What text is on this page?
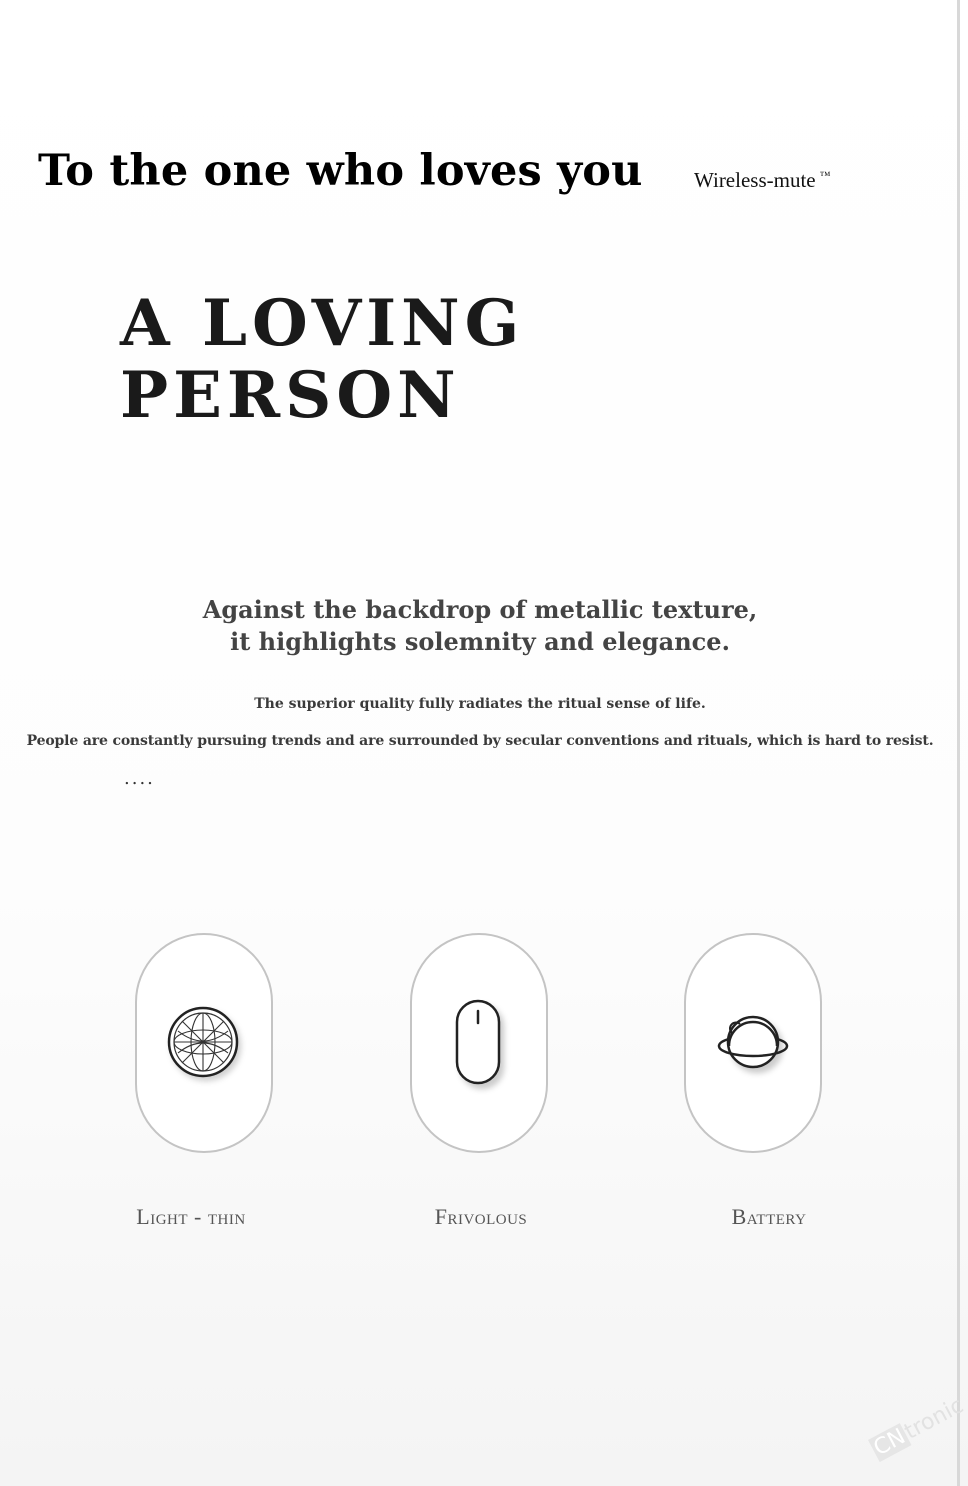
To the one who loves you Wireless-mute ™
A LOVING
PERSON
Against the backdrop of metallic texture,
it highlights solemnity and elegance.
The superior quality fully radiates the ritual sense of life.
People are constantly pursuing trends and are surrounded by secular conventions and rituals, which is hard to resist.
....
Light - thin	Frivolous	Battery
CNtronic
